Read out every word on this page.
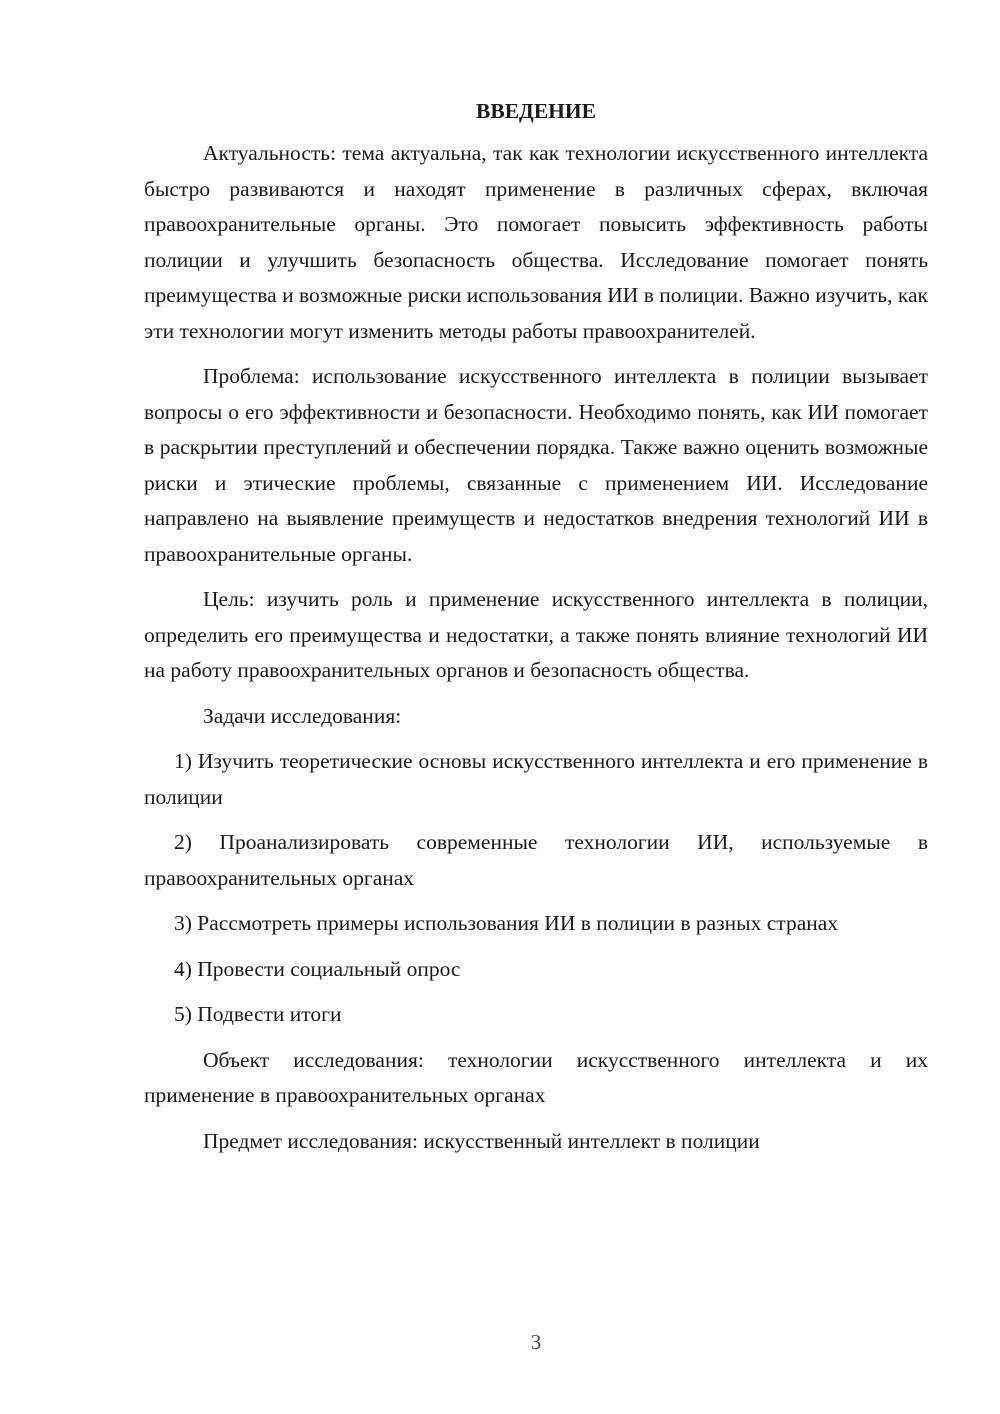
ВВЕДЕНИЕ

Актуальность: тема актуальна, так как технологии искусственного интеллекта быстро развиваются и находят применение в различных сферах, включая правоохранительные органы. Это помогает повысить эффективность работы полиции и улучшить безопасность общества. Исследование помогает понять преимущества и возможные риски использования ИИ в полиции. Важно изучить, как эти технологии могут изменить методы работы правоохранителей.

Проблема: использование искусственного интеллекта в полиции вызывает вопросы о его эффективности и безопасности. Необходимо понять, как ИИ помогает в раскрытии преступлений и обеспечении порядка. Также важно оценить возможные риски и этические проблемы, связанные с применением ИИ. Исследование направлено на выявление преимуществ и недостатков внедрения технологий ИИ в правоохранительные органы.

Цель: изучить роль и применение искусственного интеллекта в полиции, определить его преимущества и недостатки, а также понять влияние технологий ИИ на работу правоохранительных органов и безопасность общества.

Задачи исследования:

1) Изучить теоретические основы искусственного интеллекта и его применение в полиции

2) Проанализировать современные технологии ИИ, используемые в правоохранительных органах

3) Рассмотреть примеры использования ИИ в полиции в разных странах

4) Провести социальный опрос

5) Подвести итоги

Объект исследования: технологии искусственного интеллекта и их применение в правоохранительных органах

Предмет исследования: искусственный интеллект в полиции

3
